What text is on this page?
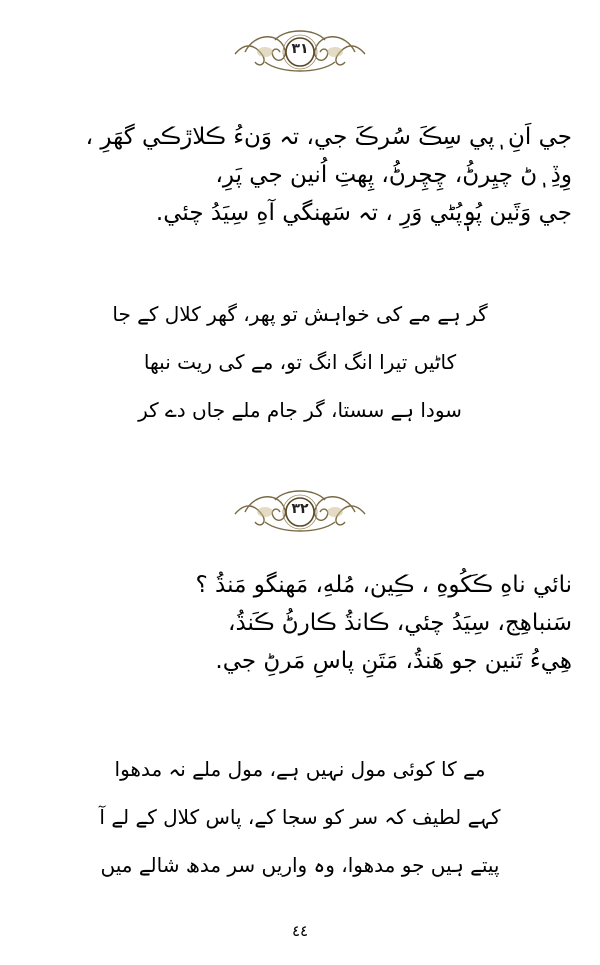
٣١
جي اَنِ ٖپي سِڪَ سُرڪَ جي، تہ وَنءُ ڪلاڙڪي گهَرِ ،
وِڏِ ٖڻ چيِرڻُ، چِچِرڻُ، پِهتِ اُنين جي پَرِ،
جي وَٽَين پُوٖپُڻي وَرِ ، تہ سَهنگي آهِ سِيَدُ چئي.
گر ہے مے کی خواہش تو پھر، گھر کلال کے جا
کاٹیں تیرا انگ انگ تو، مے کی ریت نبھا
سودا ہے سستا، گر جام ملے جاں دے کر
٣٢
نائي ناهِ ڪَکُوهِ ، ڪِين، مُلهِ، مَهنگو مَنڌُ ؟
سَنباهِج، سِيَدُ چئي، ڪانڌُ ڪارڻُ ڪَنڌُ،
هِيءُ تَنين جو هَنڌُ، مَتَنِ پاسِ مَرڻِ جي.
مے کا کوئی مول نہیں ہے، مول ملے نہ مدھوا
کہے لطیف کہ سر کو سجا کے، پاس کلال کے لے آ
پیتے ہیں جو مدھوا، وہ واریں سر مدھ شالے میں
٤٤
